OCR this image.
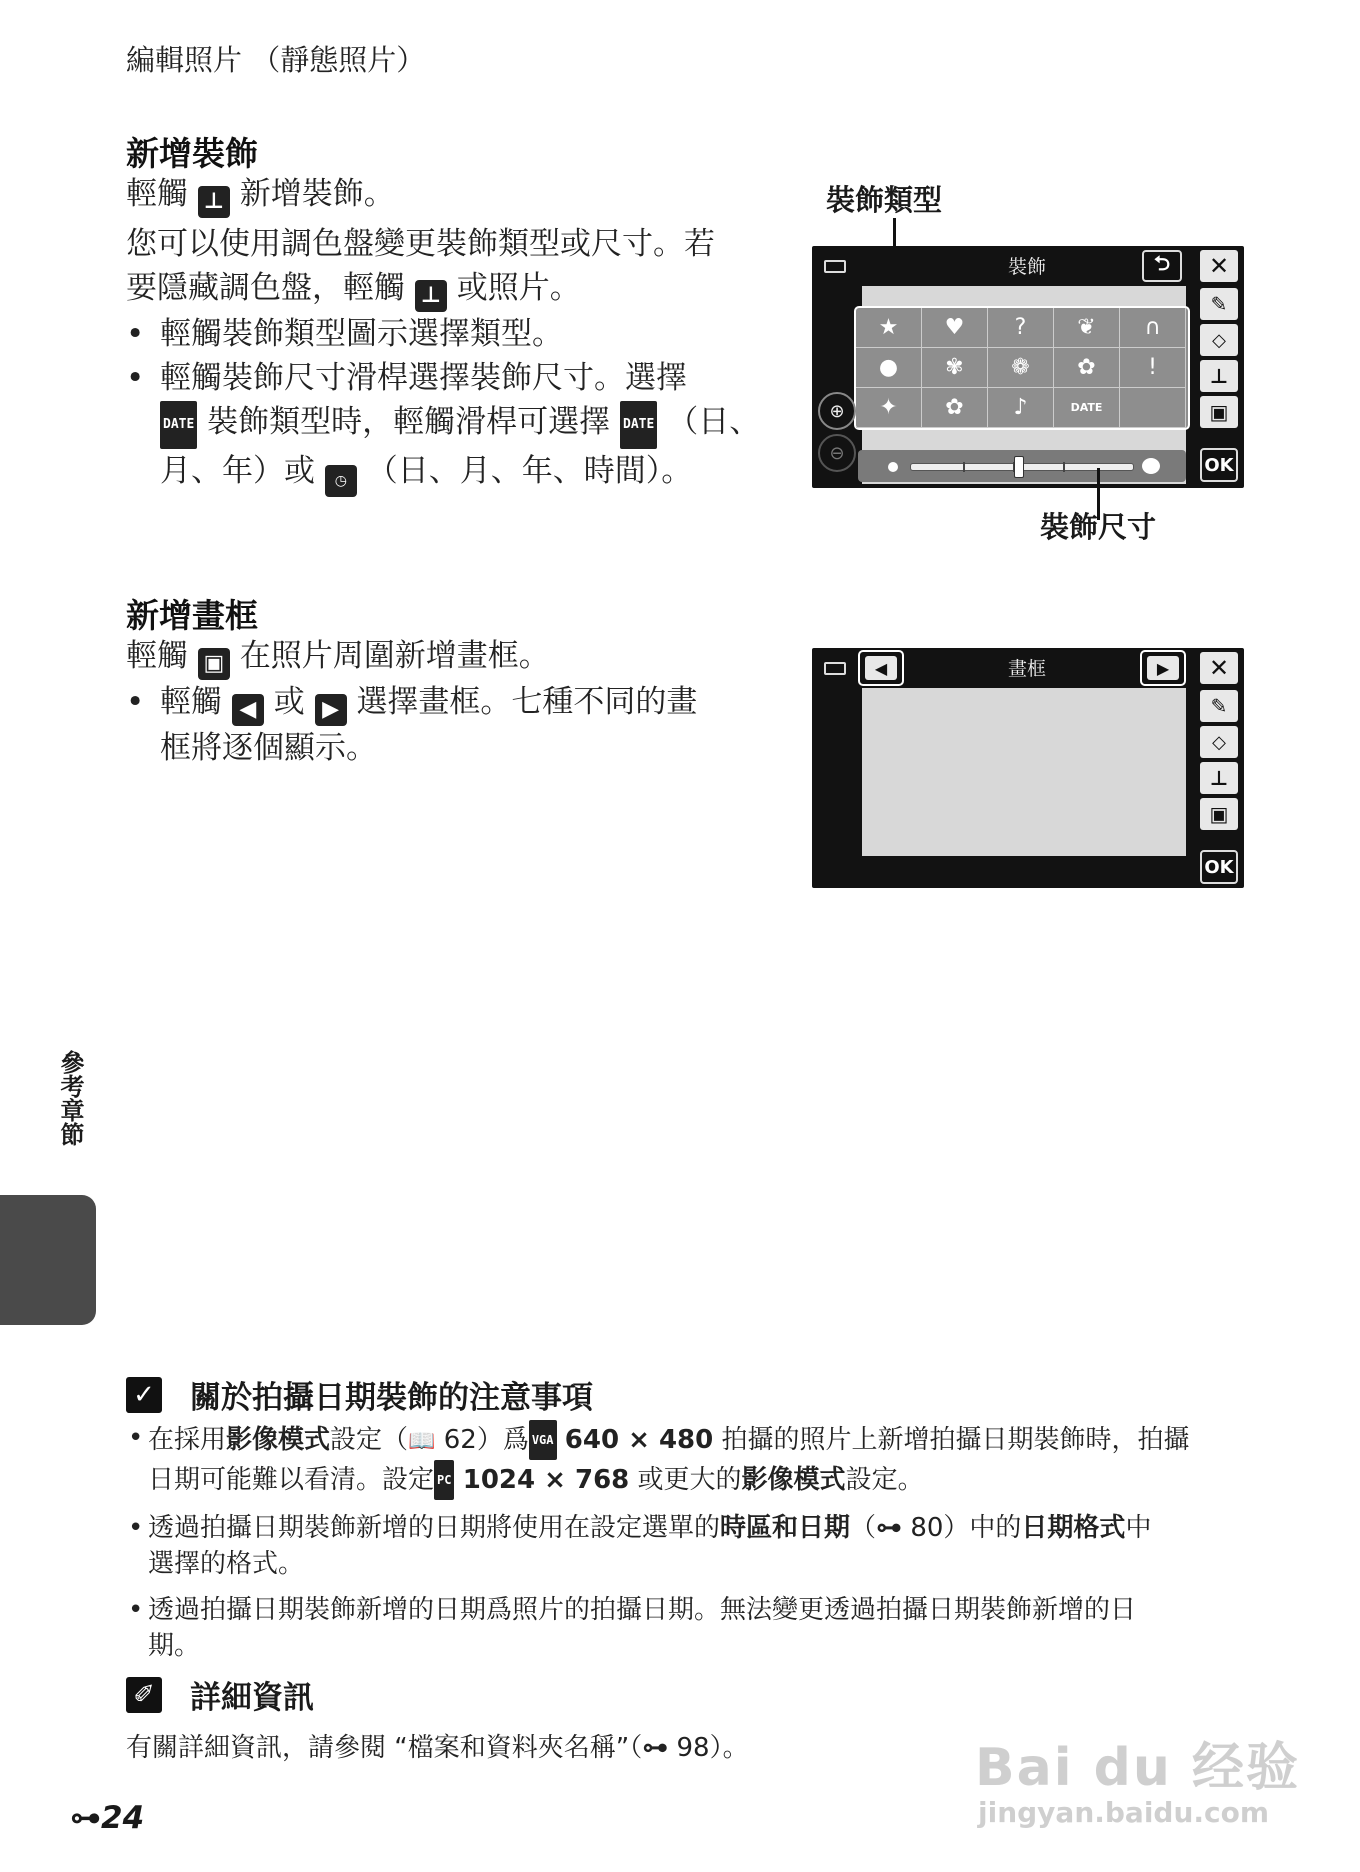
編輯照片 （靜態照片）
新增裝飾
輕觸 ⊥ 新增裝飾。
您可以使用調色盤變更裝飾類型或尺寸。若
要隱藏調色盤，輕觸 ⊥ 或照片。
• 輕觸裝飾類型圖示選擇類型。
• 輕觸裝飾尺寸滑桿選擇裝飾尺寸。選擇
DATE 裝飾類型時，輕觸滑桿可選擇 DATE （日、
月、年）或 ◷ （日、月、年、時間）。
裝飾類型
裝飾	⮌	✕
★	♥	?	❦	∩
●	✾	❁	✿	!
✦	✿	♪	DATE
⊕
⊖
✎
◇
⊥
▣
OK
裝飾尺寸
新增畫框
輕觸 ▣ 在照片周圍新增畫框。
• 輕觸 ◀ 或 ▶ 選擇畫框。七種不同的畫
框將逐個顯示。
◀	畫框	▶	✕
✎
◇
⊥
▣
OK
參考章節
✓ 關於拍攝日期裝飾的注意事項
• 在採用影像模式設定（📖 62）爲 VGA 640 × 480 拍攝的照片上新增拍攝日期裝飾時，拍攝
日期可能難以看清。設定 PC 1024 × 768 或更大的影像模式設定。
• 透過拍攝日期裝飾新增的日期將使用在設定選單的時區和日期（⊶ 80）中的日期格式中
選擇的格式。
• 透過拍攝日期裝飾新增的日期爲照片的拍攝日期。無法變更透過拍攝日期裝飾新增的日
期。
✐ 詳細資訊
有關詳細資訊，請參閱 “檔案和資料夾名稱”（⊶ 98）。
⊶24
Bai du 经验
jingyan.baidu.com
